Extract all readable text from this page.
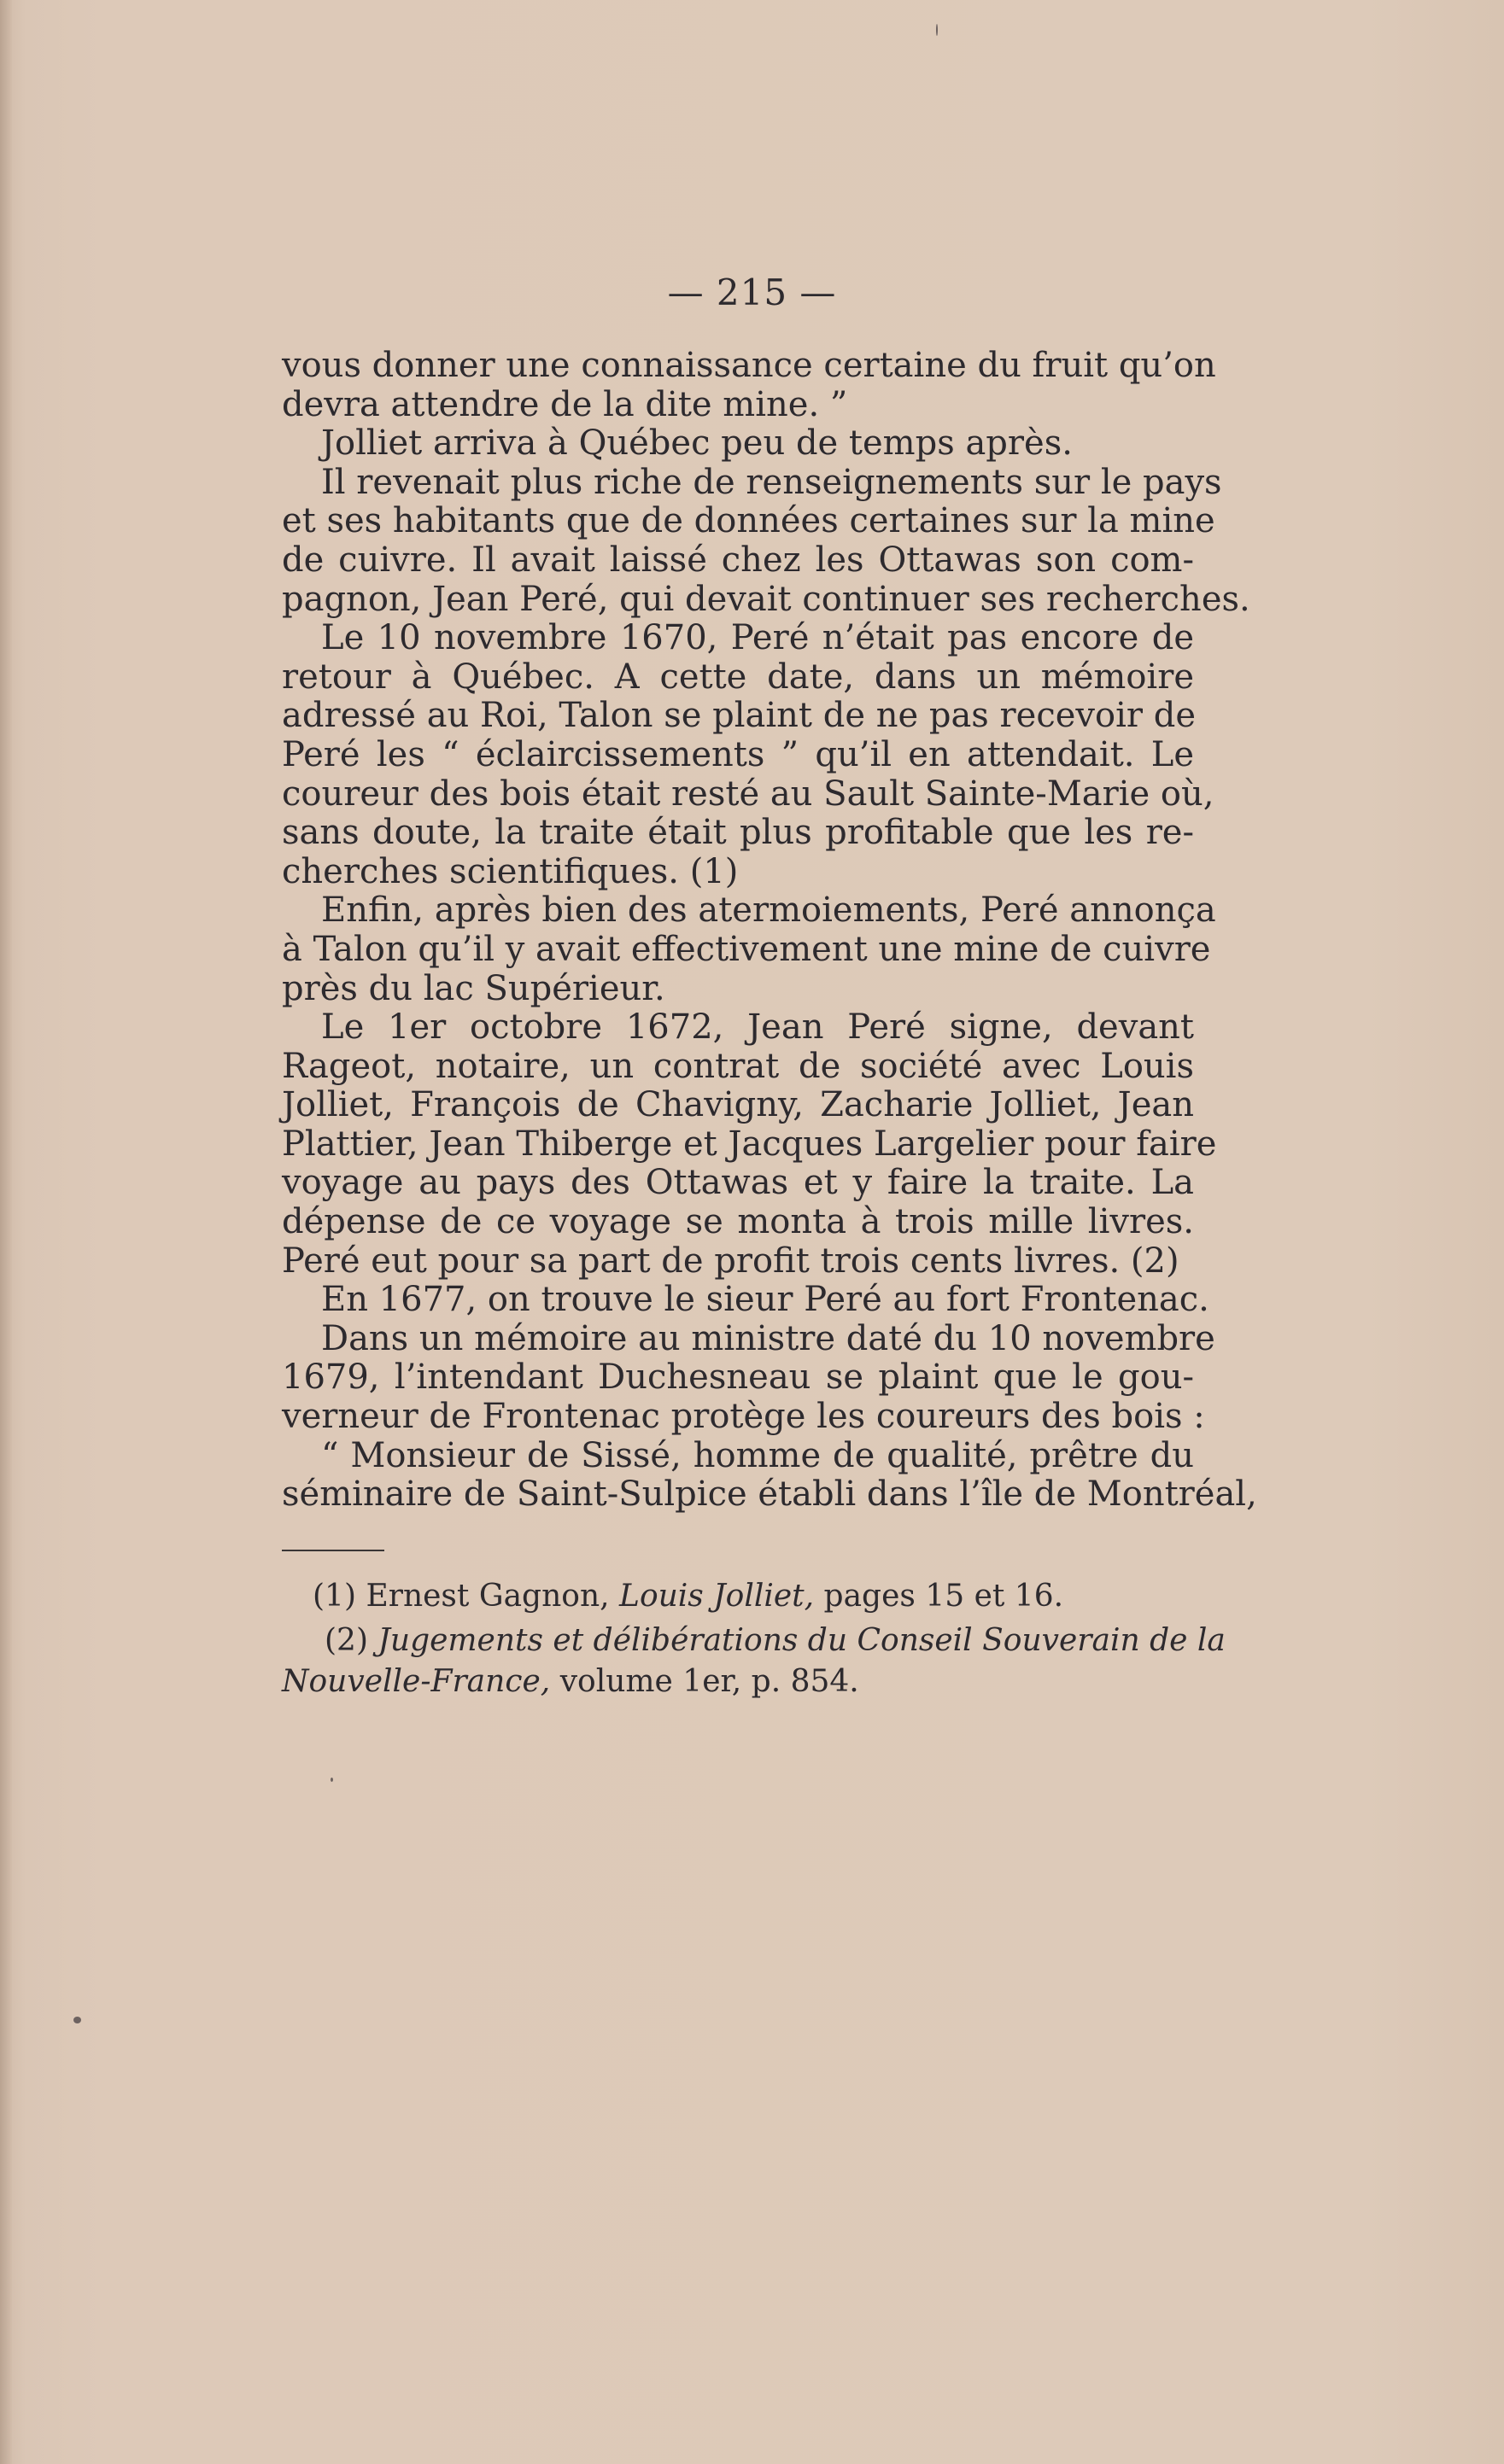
— 215 —
vous donner une connaissance certaine du fruit qu’on
devra attendre de la dite mine. ”
Jolliet arriva à Québec peu de temps après.
Il revenait plus riche de renseignements sur le pays
et ses habitants que de données certaines sur la mine
de cuivre. Il avait laissé chez les Ottawas son com-
pagnon, Jean Peré, qui devait continuer ses recherches.
Le 10 novembre 1670, Peré n’était pas encore de
retour à Québec. A cette date, dans un mémoire
adressé au Roi, Talon se plaint de ne pas recevoir de
Peré les “ éclaircissements ” qu’il en attendait. Le
coureur des bois était resté au Sault Sainte-Marie où,
sans doute, la traite était plus profitable que les re-
cherches scientifiques. (1)
Enfin, après bien des atermoiements, Peré annonça
à Talon qu’il y avait effectivement une mine de cuivre
près du lac Supérieur.
Le 1er octobre 1672, Jean Peré signe, devant
Rageot, notaire, un contrat de société avec Louis
Jolliet, François de Chavigny, Zacharie Jolliet, Jean
Plattier, Jean Thiberge et Jacques Largelier pour faire
voyage au pays des Ottawas et y faire la traite. La
dépense de ce voyage se monta à trois mille livres.
Peré eut pour sa part de profit trois cents livres. (2)
En 1677, on trouve le sieur Peré au fort Frontenac.
Dans un mémoire au ministre daté du 10 novembre
1679, l’intendant Duchesneau se plaint que le gou-
verneur de Frontenac protège les coureurs des bois :
“ Monsieur de Sissé, homme de qualité, prêtre du
séminaire de Saint-Sulpice établi dans l’île de Montréal,
(1) Ernest Gagnon, Louis Jolliet, pages 15 et 16.
(2) Jugements et délibérations du Conseil Souverain de la
Nouvelle-France, volume 1er, p. 854.
